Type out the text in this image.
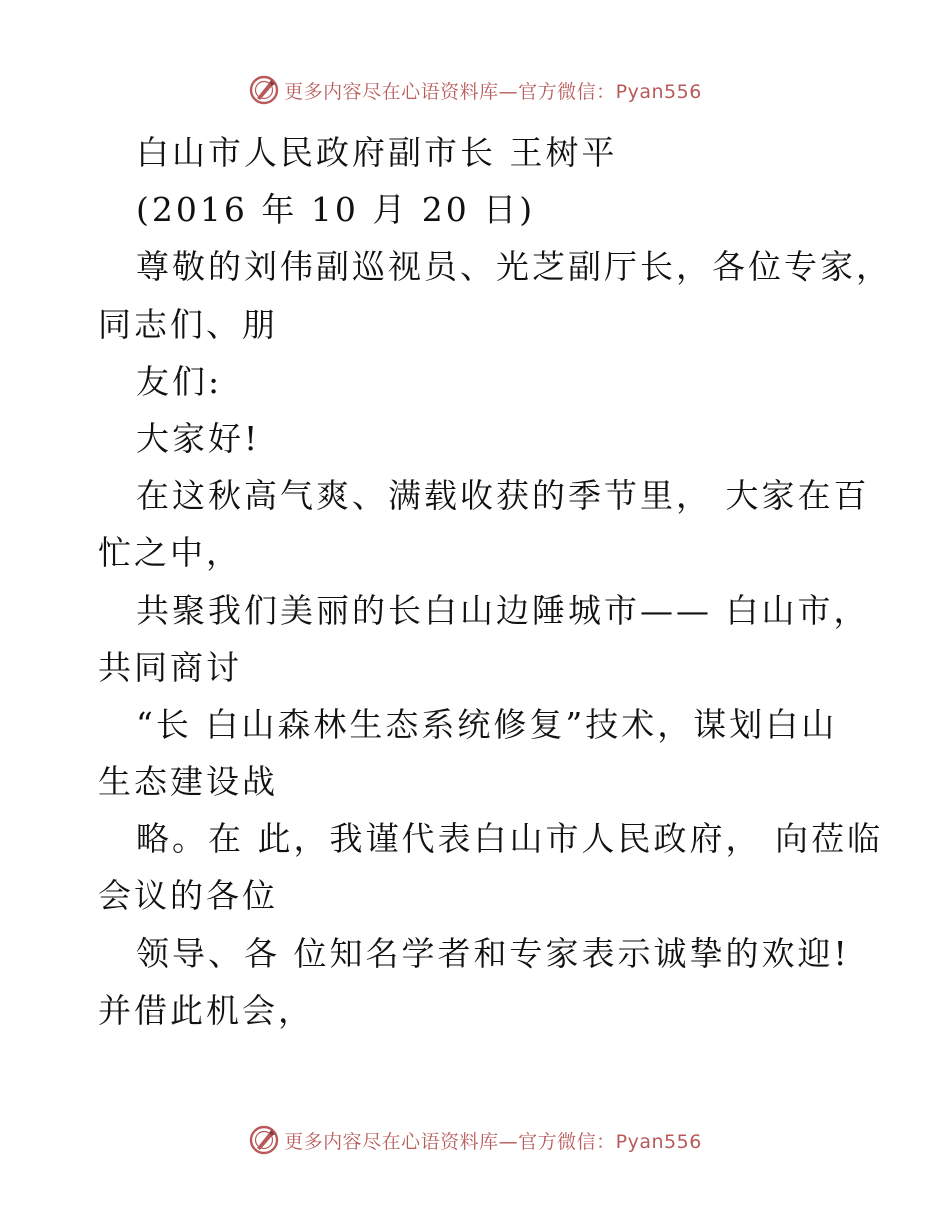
更多内容尽在心语资料库—官方微信：Pyan556
白山市人民政府副市长 王树平
(2016 年 10 月 20 日)
尊敬的刘伟副巡视员、光芝副厅长，各位专家，
同志们、朋
友们:
大家好!
在这秋高气爽、满载收获的季节里， 大家在百
忙之中，
共聚我们美丽的长白山边陲城市—— 白山市，
共同商讨
“长 白山森林生态系统修复”技术，谋划白山
生态建设战
略。在 此，我谨代表白山市人民政府， 向莅临
会议的各位
领导、各 位知名学者和专家表示诚挚的欢迎!
并借此机会，
更多内容尽在心语资料库—官方微信：Pyan556
